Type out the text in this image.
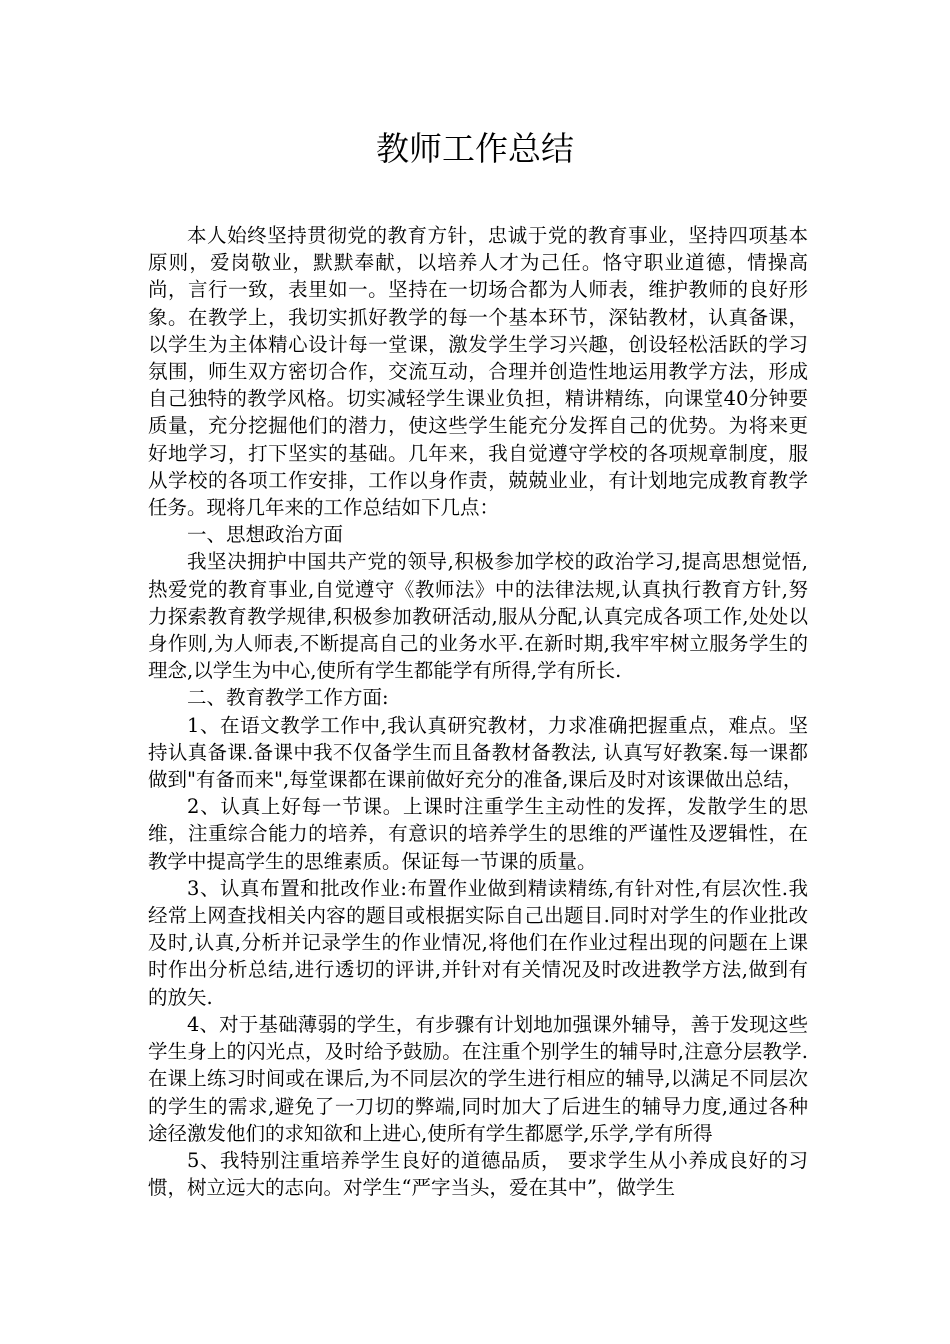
教师工作总结

本人始终坚持贯彻党的教育方针，忠诚于党的教育事业，坚持四项基本原则，爱岗敬业，默默奉献，以培养人才为己任。恪守职业道德，情操高尚，言行一致，表里如一。坚持在一切场合都为人师表，维护教师的良好形象。在教学上，我切实抓好教学的每一个基本环节，深钻教材，认真备课，以学生为主体精心设计每一堂课，激发学生学习兴趣，创设轻松活跃的学习氛围，师生双方密切合作，交流互动，合理并创造性地运用教学方法，形成自己独特的教学风格。切实减轻学生课业负担，精讲精练，向课堂40分钟要质量，充分挖掘他们的潜力，使这些学生能充分发挥自己的优势。为将来更好地学习，打下坚实的基础。几年来，我自觉遵守学校的各项规章制度，服从学校的各项工作安排，工作以身作责，兢兢业业，有计划地完成教育教学任务。现将几年来的工作总结如下几点：

一、思想政治方面

我坚决拥护中国共产党的领导,积极参加学校的政治学习,提高思想觉悟,热爱党的教育事业,自觉遵守《教师法》中的法律法规,认真执行教育方针,努力探索教育教学规律,积极参加教研活动,服从分配,认真完成各项工作,处处以身作则,为人师表,不断提高自己的业务水平.在新时期,我牢牢树立服务学生的理念,以学生为中心,使所有学生都能学有所得,学有所长.

二、教育教学工作方面:

1、在语文教学工作中,我认真研究教材，力求准确把握重点，难点。坚持认真备课.备课中我不仅备学生而且备教材备教法, 认真写好教案.每一课都做到"有备而来",每堂课都在课前做好充分的准备,课后及时对该课做出总结，

2、认真上好每一节课。上课时注重学生主动性的发挥，发散学生的思维，注重综合能力的培养，有意识的培养学生的思维的严谨性及逻辑性，在教学中提高学生的思维素质。保证每一节课的质量。

3、认真布置和批改作业:布置作业做到精读精练,有针对性,有层次性.我经常上网查找相关内容的题目或根据实际自己出题目.同时对学生的作业批改及时,认真,分析并记录学生的作业情况,将他们在作业过程出现的问题在上课时作出分析总结,进行透切的评讲,并针对有关情况及时改进教学方法,做到有的放矢.

4、对于基础薄弱的学生，有步骤有计划地加强课外辅导，善于发现这些学生身上的闪光点，及时给予鼓励。在注重个别学生的辅导时,注意分层教学.在课上练习时间或在课后,为不同层次的学生进行相应的辅导,以满足不同层次的学生的需求,避免了一刀切的弊端,同时加大了后进生的辅导力度,通过各种途径激发他们的求知欲和上进心,使所有学生都愿学,乐学,学有所得

5、我特别注重培养学生良好的道德品质， 要求学生从小养成良好的习惯，树立远大的志向。对学生“严字当头，爱在其中”，做学生
